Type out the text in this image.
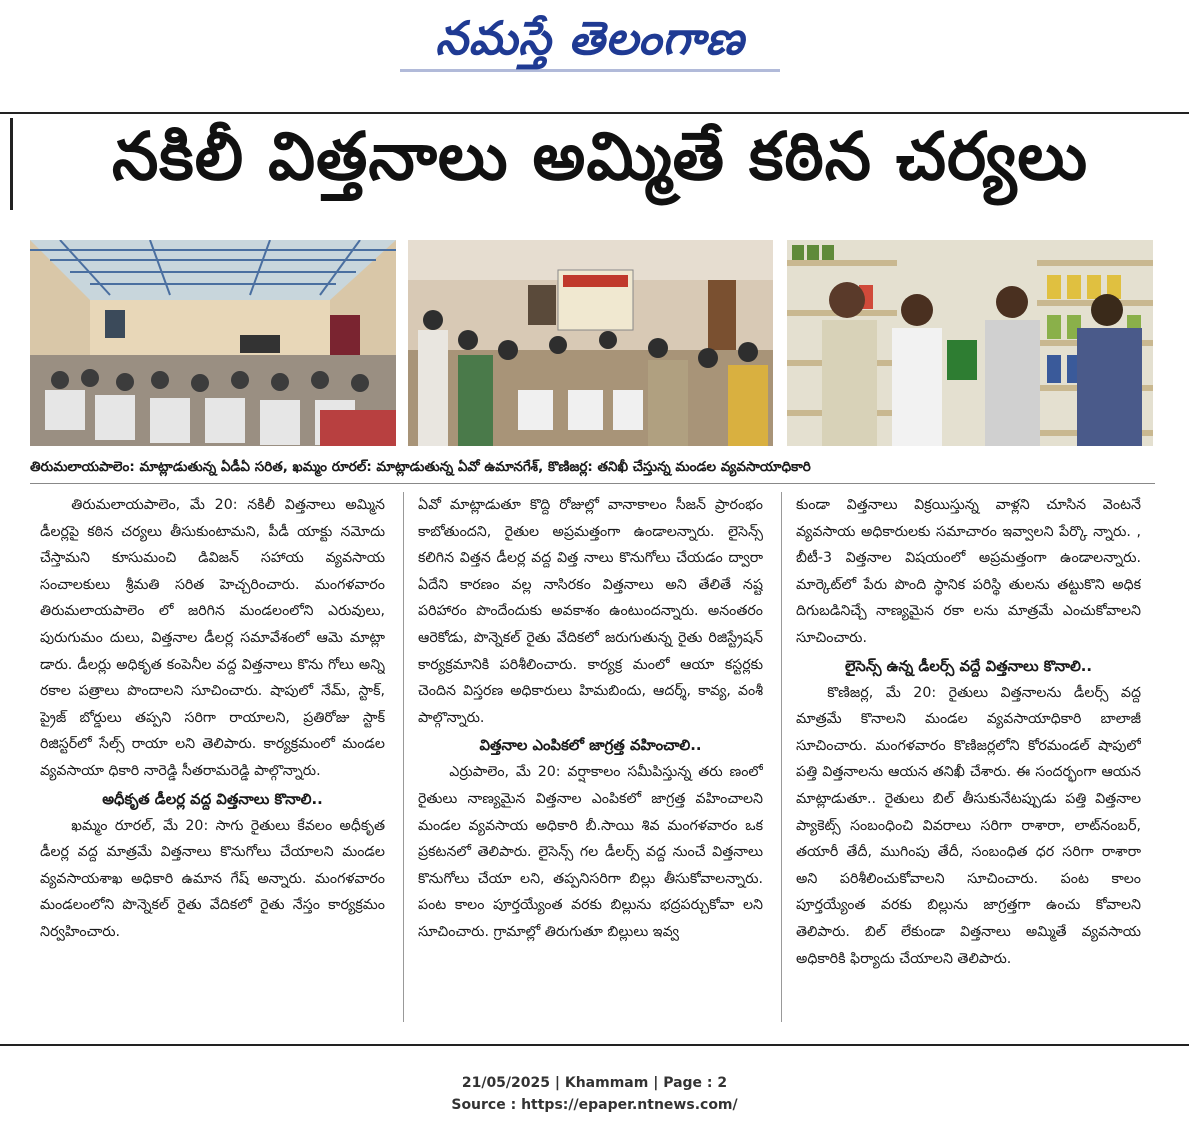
నమస్తే తెలంగాణ
నకిలీ విత్తనాలు అమ్మితే కఠిన చర్యలు
తిరుమలాయపాలెం: మాట్లాడుతున్న ఏడీఏ సరిత, ఖమ్మం రూరల్: మాట్లాడుతున్న ఏవో ఉమానగేశ్, కొణిజర్ల: తనిఖీ చేస్తున్న మండల వ్యవసాయాధికారి

తిరుమలాయపాలెం, మే 20: నకిలీ విత్తనాలు అమ్మిన డీలర్లపై కఠిన చర్యలు తీసుకుంటామని, పీడీ యాక్టు నమోదు చేస్తామని కూసుమంచి డివిజన్ సహాయ వ్యవసాయ సంచాలకులు శ్రీమతి సరిత హెచ్చరించారు. మంగళవారం తిరుమలాయపాలెం లో జరిగిన మండలంలోని ఎరువులు, పురుగుమం దులు, విత్తనాల డీలర్ల సమావేశంలో ఆమె మాట్లా డారు. డీలర్లు అధికృత కంపెనీల వద్ద విత్తనాలు కొను గోలు అన్ని రకాల పత్రాలు పొందాలని సూచించారు. షాపులో నేమ్, స్టాక్, ప్రైజ్ బోర్డులు తప్పని సరిగా రాయాలని, ప్రతిరోజు స్టాక్ రిజిస్టర్‌లో సేల్స్ రాయా లని తెలిపారు. కార్యక్రమంలో మండల వ్యవసాయా ధికారి నారెడ్డి సీతరామరెడ్డి పాల్గొన్నారు.

అధీకృత డీలర్ల వద్ద విత్తనాలు కొనాలి..

ఖమ్మం రూరల్, మే 20: సాగు రైతులు కేవలం అధీకృత డీలర్ల వద్ద మాత్రమే విత్తనాలు కొనుగోలు చేయాలని మండల వ్యవసాయశాఖ అధికారి ఉమాన గేష్ అన్నారు. మంగళవారం మండలంలోని పొన్నెకల్ రైతు వేదికలో రైతు నేస్తం కార్యక్రమం నిర్వహించారు.

ఏవో మాట్లాడుతూ కొద్ది రోజుల్లో వానాకాలం సీజన్ ప్రారంభం కాబోతుందని, రైతుల అప్రమత్తంగా ఉండాలన్నారు. లైసెన్స్ కలిగిన విత్తన డీలర్ల వద్ద విత్త నాలు కొనుగోలు చేయడం ద్వారా ఏదేని కారణం వల్ల నాసిరకం విత్తనాలు అని తేలితే నష్ట పరిహారం పొందేందుకు అవకాశం ఉంటుందన్నారు. అనంతరం ఆరెకోడు, పొన్నెకల్ రైతు వేదికలో జరుగుతున్న రైతు రిజిస్ట్రేషన్ కార్యక్రమానికి పరిశీలించారు. కార్యక్ర మంలో ఆయా కస్టర్లకు చెందిన విస్తరణ అధికారులు హిమబిందు, ఆదర్శ్, కావ్య, వంశీ పాల్గొన్నారు.

విత్తనాల ఎంపికలో జాగ్రత్త వహించాలి..

ఎర్రుపాలెం, మే 20: వర్షాకాలం సమీపిస్తున్న తరు ణంలో రైతులు నాణ్యమైన విత్తనాల ఎంపికలో జాగ్రత్త వహించాలని మండల వ్యవసాయ అధికారి బీ.సాయి శివ మంగళవారం ఒక ప్రకటనలో తెలిపారు. లైసెన్స్ గల డీలర్స్ వద్ద నుంచే విత్తనాలు కొనుగోలు చేయా లని, తప్పనిసరిగా బిల్లు తీసుకోవాలన్నారు. పంట కాలం పూర్తయ్యేంత వరకు బిల్లును భద్రపర్చుకోవా లని సూచించారు. గ్రామాల్లో తిరుగుతూ బిల్లులు ఇవ్వ

కుండా విత్తనాలు విక్రయిస్తున్న వాళ్లని చూసిన వెంటనే వ్యవసాయ అధికారులకు సమాచారం ఇవ్వాలని పేర్కొ న్నారు. , బీటీ-3 విత్తనాల విషయంలో అప్రమత్తంగా ఉండాలన్నారు. మార్కెట్‌లో పేరు పొంది స్థానిక పరిస్థి తులను తట్టుకొని అధిక దిగుబడినిచ్చే నాణ్యమైన రకా లను మాత్రమే ఎంచుకోవాలని సూచించారు.

లైసెన్స్ ఉన్న డీలర్స్ వద్దే విత్తనాలు కొనాలి..

కొణిజర్ల, మే 20: రైతులు విత్తనాలను డీలర్స్ వద్ద మాత్రమే కొనాలని మండల వ్యవసాయాధికారి బాలాజీ సూచించారు. మంగళవారం కొణిజర్లలోని కోరమండల్ షాపులో పత్తి విత్తనాలను ఆయన తనిఖీ చేశారు. ఈ సందర్భంగా ఆయన మాట్లాడుతూ.. రైతులు బిల్ తీసుకునేటప్పుడు పత్తి విత్తనాల ప్యాకెట్స్ సంబంధించి వివరాలు సరిగా రాశారా, లాట్‌నంబర్, తయారీ తేదీ, ముగింపు తేదీ, సంబంధిత ధర సరిగా రాశారా అని పరిశీలించుకోవాలని సూచించారు. పంట కాలం పూర్తయ్యేంత వరకు బిల్లును జాగ్రత్తగా ఉంచు కోవాలని తెలిపారు. బిల్ లేకుండా విత్తనాలు అమ్మితే వ్యవసాయ అధికారికి ఫిర్యాదు చేయాలని తెలిపారు.

21/05/2025 | Khammam | Page : 2
Source : https://epaper.ntnews.com/
